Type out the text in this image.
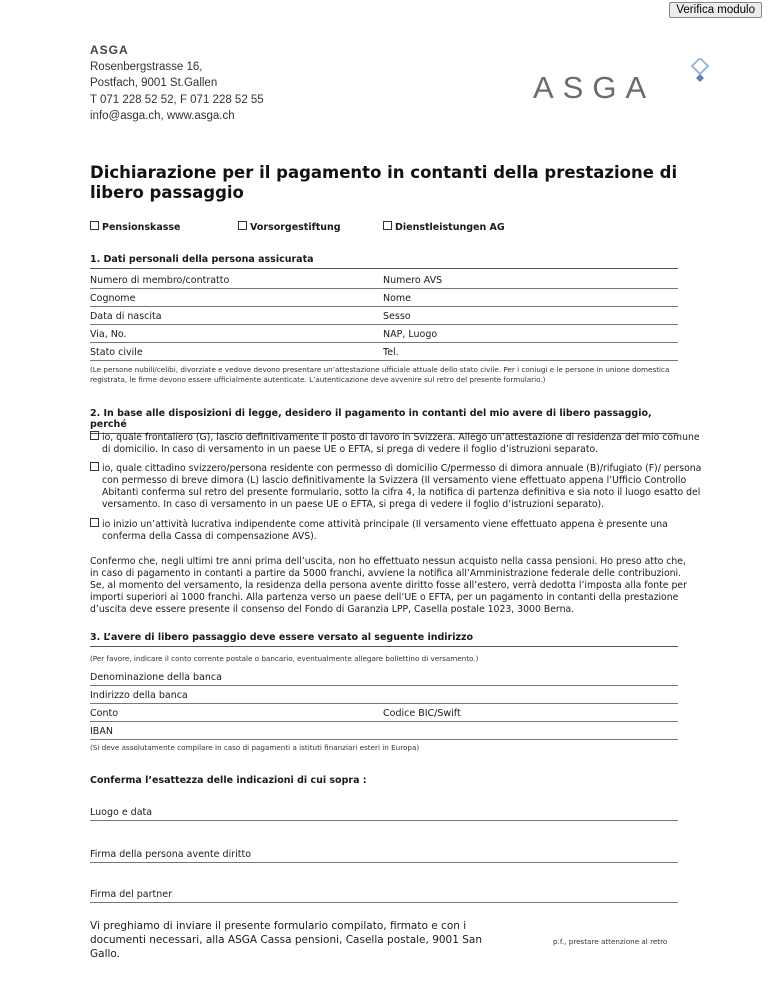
Verifica modulo
ASGA
Rosenbergstrasse 16,
Postfach, 9001 St.Gallen
T 071 228 52 52, F 071 228 52 55
info@asga.ch, www.asga.ch
ASGA
Dichiarazione per il pagamento in contanti della prestazione di libero passaggio
Pensionskasse	Vorsorgestiftung	Dienstleistungen AG
1. Dati personali della persona assicurata
Numero di membro/contratto	Numero AVS
Cognome	Nome
Data di nascita	Sesso
Via, No.	NAP, Luogo
Stato civile	Tel.
(Le persone nubili/celibi, divorziate e vedove devono presentare un’attestazione ufficiale attuale dello stato civile. Per i coniugi e le persone in unione domestica registrata, le firme devono essere ufficialmente autenticate. L’autenticazione deve avvenire sul retro del presente formulario.)
2. In base alle disposizioni di legge, desidero il pagamento in contanti del mio avere di libero passaggio, perché
io, quale frontaliero (G), lascio definitivamente il posto di lavoro in Svizzera. Allego un’attestazione di residenza del mio comune di domicilio. In caso di versamento in un paese UE o EFTA, si prega di vedere il foglio d’istruzioni separato.
io, quale cittadino svizzero/persona residente con permesso di domicilio C/permesso di dimora annuale (B)/rifugiato (F)/ persona con permesso di breve dimora (L) lascio definitivamente la Svizzera (Il versamento viene effettuato appena l’Ufficio Controllo Abitanti conferma sul retro del presente formulario, sotto la cifra 4, la notifica di partenza definitiva e sia noto il luogo esatto del versamento. In caso di versamento in un paese UE o EFTA, si prega di vedere il foglio d’istruzioni separato).
io inizio un’attività lucrativa indipendente come attività principale (Il versamento viene effettuato appena è presente una conferma della Cassa di compensazione AVS).
Confermo che, negli ultimi tre anni prima dell’uscita, non ho effettuato nessun acquisto nella cassa pensioni. Ho preso atto che, in caso di pagamento in contanti a partire da 5000 franchi, avviene la notifica all’Amministrazione federale delle contribuzioni. Se, al momento del versamento, la residenza della persona avente diritto fosse all’estero, verrà dedotta l’imposta alla fonte per importi superiori ai 1000 franchi. Alla partenza verso un paese dell’UE o EFTA, per un pagamento in contanti della prestazione d’uscita deve essere presente il consenso del Fondo di Garanzia LPP, Casella postale 1023, 3000 Berna.
3. L’avere di libero passaggio deve essere versato al seguente indirizzo
(Per favore, indicare il conto corrente postale o bancario, eventualmente allegare bollettino di versamento.)
Denominazione della banca
Indirizzo della banca
Conto	Codice BIC/Swift
IBAN
(Si deve assolutamente compilare in caso di pagamenti a istituti finanziari esteri in Europa)
Conferma l’esattezza delle indicazioni di cui sopra :
Luogo e data
Firma della persona avente diritto
Firma del partner
Vi preghiamo di inviare il presente formulario compilato, firmato e con i documenti necessari, alla ASGA Cassa pensioni, Casella postale, 9001 San Gallo.
p.f., prestare attenzione al retro
